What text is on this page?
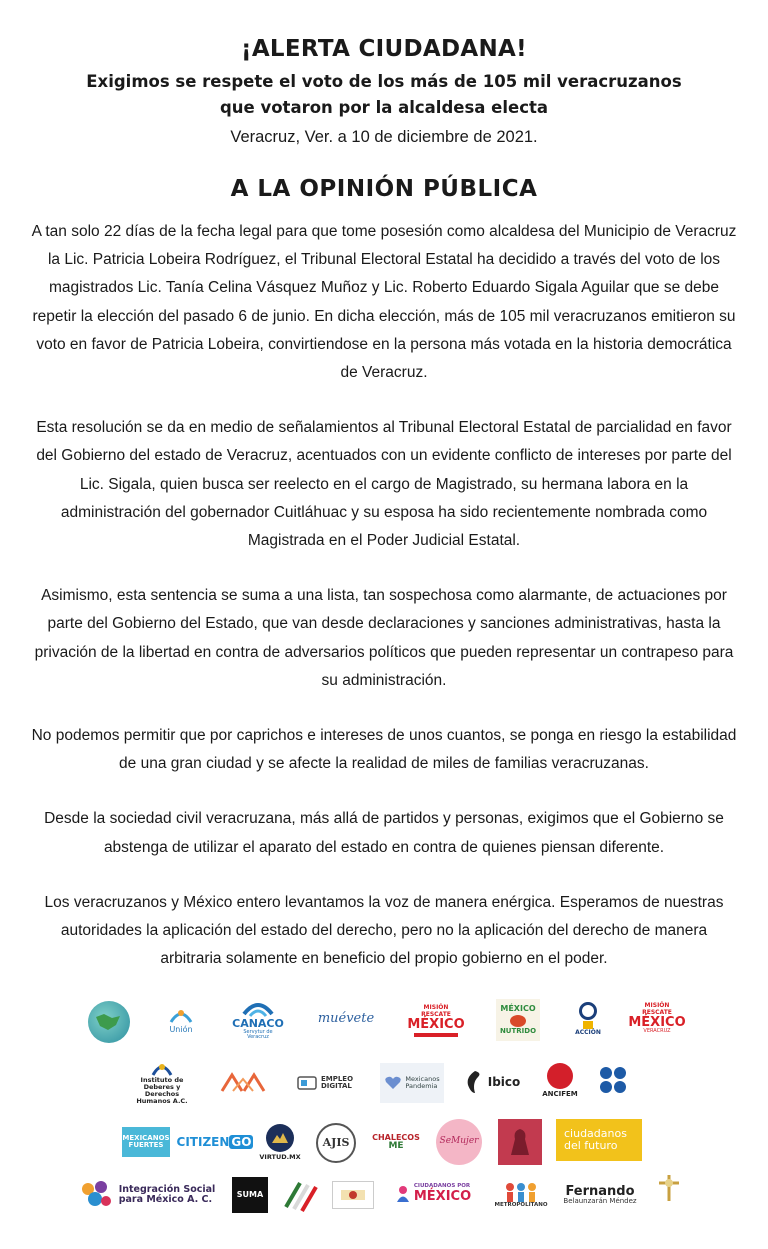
¡ALERTA CIUDADANA!
Exigimos se respete el voto de los más de 105 mil veracruzanos
que votaron por la alcaldesa electa
Veracruz, Ver. a 10 de diciembre de 2021.
A LA OPINIÓN PÚBLICA

A tan solo 22 días de la fecha legal para que tome posesión como alcaldesa del Municipio de Veracruz la Lic. Patricia Lobeira Rodríguez, el Tribunal Electoral Estatal ha decidido a través del voto de los magistrados Lic. Tanía Celina Vásquez Muñoz y Lic. Roberto Eduardo Sigala Aguilar que se debe repetir la elección del pasado 6 de junio. En dicha elección, más de 105 mil veracruzanos emitieron su voto en favor de Patricia Lobeira, convirtiendose en la persona más votada en la historia democrática de Veracruz.

Esta resolución se da en medio de señalamientos al Tribunal Electoral Estatal de parcialidad en favor del Gobierno del estado de Veracruz, acentuados con un evidente conflicto de intereses por parte del Lic. Sigala, quien busca ser reelecto en el cargo de Magistrado, su hermana labora en la administración del gobernador Cuitláhuac y su esposa ha sido recientemente nombrada como Magistrada en el Poder Judicial Estatal.

Asimismo, esta sentencia se suma a una lista, tan sospechosa como alarmante, de actuaciones por parte del Gobierno del Estado, que van desde declaraciones y sanciones administrativas, hasta la privación de la libertad en contra de adversarios políticos que pueden representar un contrapeso para su administración.

No podemos permitir que por caprichos e intereses de unos cuantos, se ponga en riesgo la estabilidad de una gran ciudad y se afecte la realidad de miles de familias veracruzanas.

Desde la sociedad civil veracruzana, más allá de partidos y personas, exigimos que el Gobierno se abstenga de utilizar el aparato del estado en contra de quienes piensan diferente.

Los veracruzanos y México entero levantamos la voz de manera enérgica. Esperamos de nuestras autoridades la aplicación del estado del derecho, pero no la aplicación del derecho de manera arbitraria solamente en beneficio del propio gobierno en el poder.

Unión	CANACO
Servytur de Veracruz
muévete
MISIÓN RESCATE
MÉXICO
MÉXICO
NUTRIDO	ACCIÓN
MISIÓN RESCATE
MÉXICO
VERACRUZ
Instituto de Deberes y
Derechos Humanos A.C.
EMPLEO
DIGITAL
Mexicanos
Pandemia	Ibico
ANCIFEM
MEXICANOS
FUERTES CITIZEN GO
VIRTUD.MX
AJIS	CHALECOS
ME
SeMujer
ciudadanos
del futuro
Integración Social
para México A. C.	SUMA
CIUDADANOS POR
MÉXICO
METROPOLITANO
Fernando
Belaunzarán Méndez
